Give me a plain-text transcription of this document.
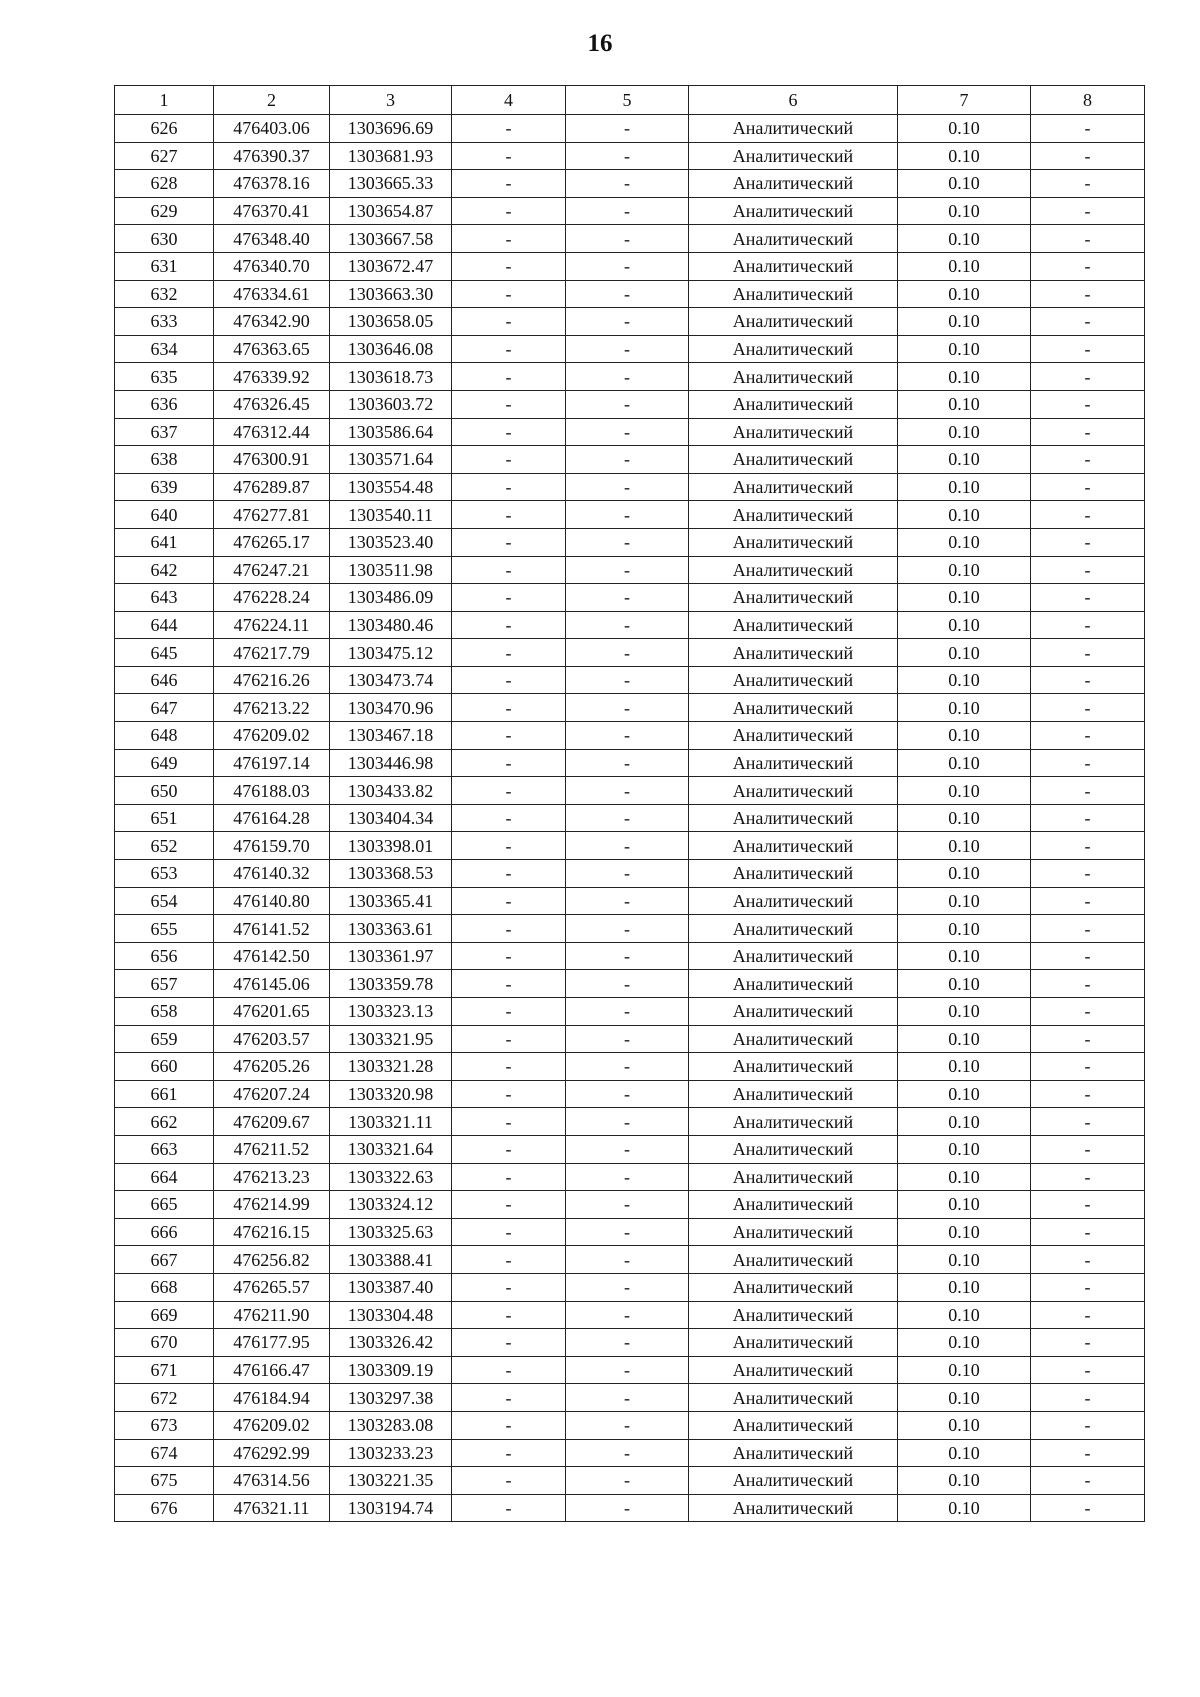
16
1	2	3	4	5	6	7	8
626	476403.06	1303696.69	-	-	Аналитический	0.10	-
627	476390.37	1303681.93	-	-	Аналитический	0.10	-
628	476378.16	1303665.33	-	-	Аналитический	0.10	-
629	476370.41	1303654.87	-	-	Аналитический	0.10	-
630	476348.40	1303667.58	-	-	Аналитический	0.10	-
631	476340.70	1303672.47	-	-	Аналитический	0.10	-
632	476334.61	1303663.30	-	-	Аналитический	0.10	-
633	476342.90	1303658.05	-	-	Аналитический	0.10	-
634	476363.65	1303646.08	-	-	Аналитический	0.10	-
635	476339.92	1303618.73	-	-	Аналитический	0.10	-
636	476326.45	1303603.72	-	-	Аналитический	0.10	-
637	476312.44	1303586.64	-	-	Аналитический	0.10	-
638	476300.91	1303571.64	-	-	Аналитический	0.10	-
639	476289.87	1303554.48	-	-	Аналитический	0.10	-
640	476277.81	1303540.11	-	-	Аналитический	0.10	-
641	476265.17	1303523.40	-	-	Аналитический	0.10	-
642	476247.21	1303511.98	-	-	Аналитический	0.10	-
643	476228.24	1303486.09	-	-	Аналитический	0.10	-
644	476224.11	1303480.46	-	-	Аналитический	0.10	-
645	476217.79	1303475.12	-	-	Аналитический	0.10	-
646	476216.26	1303473.74	-	-	Аналитический	0.10	-
647	476213.22	1303470.96	-	-	Аналитический	0.10	-
648	476209.02	1303467.18	-	-	Аналитический	0.10	-
649	476197.14	1303446.98	-	-	Аналитический	0.10	-
650	476188.03	1303433.82	-	-	Аналитический	0.10	-
651	476164.28	1303404.34	-	-	Аналитический	0.10	-
652	476159.70	1303398.01	-	-	Аналитический	0.10	-
653	476140.32	1303368.53	-	-	Аналитический	0.10	-
654	476140.80	1303365.41	-	-	Аналитический	0.10	-
655	476141.52	1303363.61	-	-	Аналитический	0.10	-
656	476142.50	1303361.97	-	-	Аналитический	0.10	-
657	476145.06	1303359.78	-	-	Аналитический	0.10	-
658	476201.65	1303323.13	-	-	Аналитический	0.10	-
659	476203.57	1303321.95	-	-	Аналитический	0.10	-
660	476205.26	1303321.28	-	-	Аналитический	0.10	-
661	476207.24	1303320.98	-	-	Аналитический	0.10	-
662	476209.67	1303321.11	-	-	Аналитический	0.10	-
663	476211.52	1303321.64	-	-	Аналитический	0.10	-
664	476213.23	1303322.63	-	-	Аналитический	0.10	-
665	476214.99	1303324.12	-	-	Аналитический	0.10	-
666	476216.15	1303325.63	-	-	Аналитический	0.10	-
667	476256.82	1303388.41	-	-	Аналитический	0.10	-
668	476265.57	1303387.40	-	-	Аналитический	0.10	-
669	476211.90	1303304.48	-	-	Аналитический	0.10	-
670	476177.95	1303326.42	-	-	Аналитический	0.10	-
671	476166.47	1303309.19	-	-	Аналитический	0.10	-
672	476184.94	1303297.38	-	-	Аналитический	0.10	-
673	476209.02	1303283.08	-	-	Аналитический	0.10	-
674	476292.99	1303233.23	-	-	Аналитический	0.10	-
675	476314.56	1303221.35	-	-	Аналитический	0.10	-
676	476321.11	1303194.74	-	-	Аналитический	0.10	-
